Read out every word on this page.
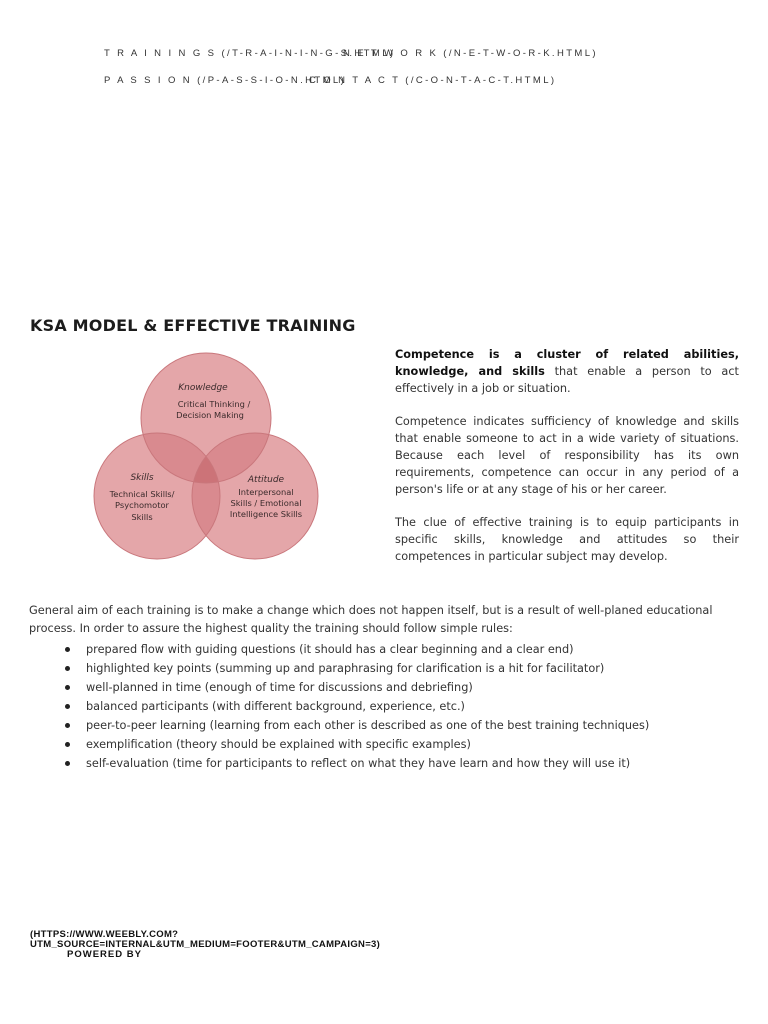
T R A I N I N G S (/T-R-A-I-N-I-N-G-S.HTML)
N E T W O R K (/N-E-T-W-O-R-K.HTML)
P A S S I O N (/P-A-S-S-I-O-N.HTML)
C O N T A C T (/C-O-N-T-A-C-T.HTML)
KSA MODEL & EFFECTIVE TRAINING
Knowledge
Critical Thinking /
Decision Making
Skills
Technical Skills/
Psychomotor
Skills
Attitude
Interpersonal
Skills / Emotional
Intelligence Skills

Competence is a cluster of related abilities, knowledge, and skills that enable a person to act effectively in a job or situation.

Competence indicates sufficiency of knowledge and skills that enable someone to act in a wide variety of situations. Because each level of responsibility has its own requirements, competence can occur in any period of a person's life or at any stage of his or her career.

The clue of effective training is to equip participants in specific skills, knowledge and attitudes so their competences in particular subject may develop.

General aim of each training is to make a change which does not happen itself, but is a result of well-planed educational process. In order to assure the highest quality the training should follow simple rules:

prepared flow with guiding questions (it should has a clear beginning and a clear end)
highlighted key points (summing up and paraphrasing for clarification is a hit for facilitator)
well-planned in time (enough of time for discussions and debriefing)
balanced participants (with different background, experience, etc.)
peer-to-peer learning (learning from each other is described as one of the best training techniques)
exemplification (theory should be explained with specific examples)
self-evaluation (time for participants to reflect on what they have learn and how they will use it)
(HTTPS://WWW.WEEBLY.COM?
UTM_SOURCE=INTERNAL&UTM_MEDIUM=FOOTER&UTM_CAMPAIGN=3)
POWERED BY
